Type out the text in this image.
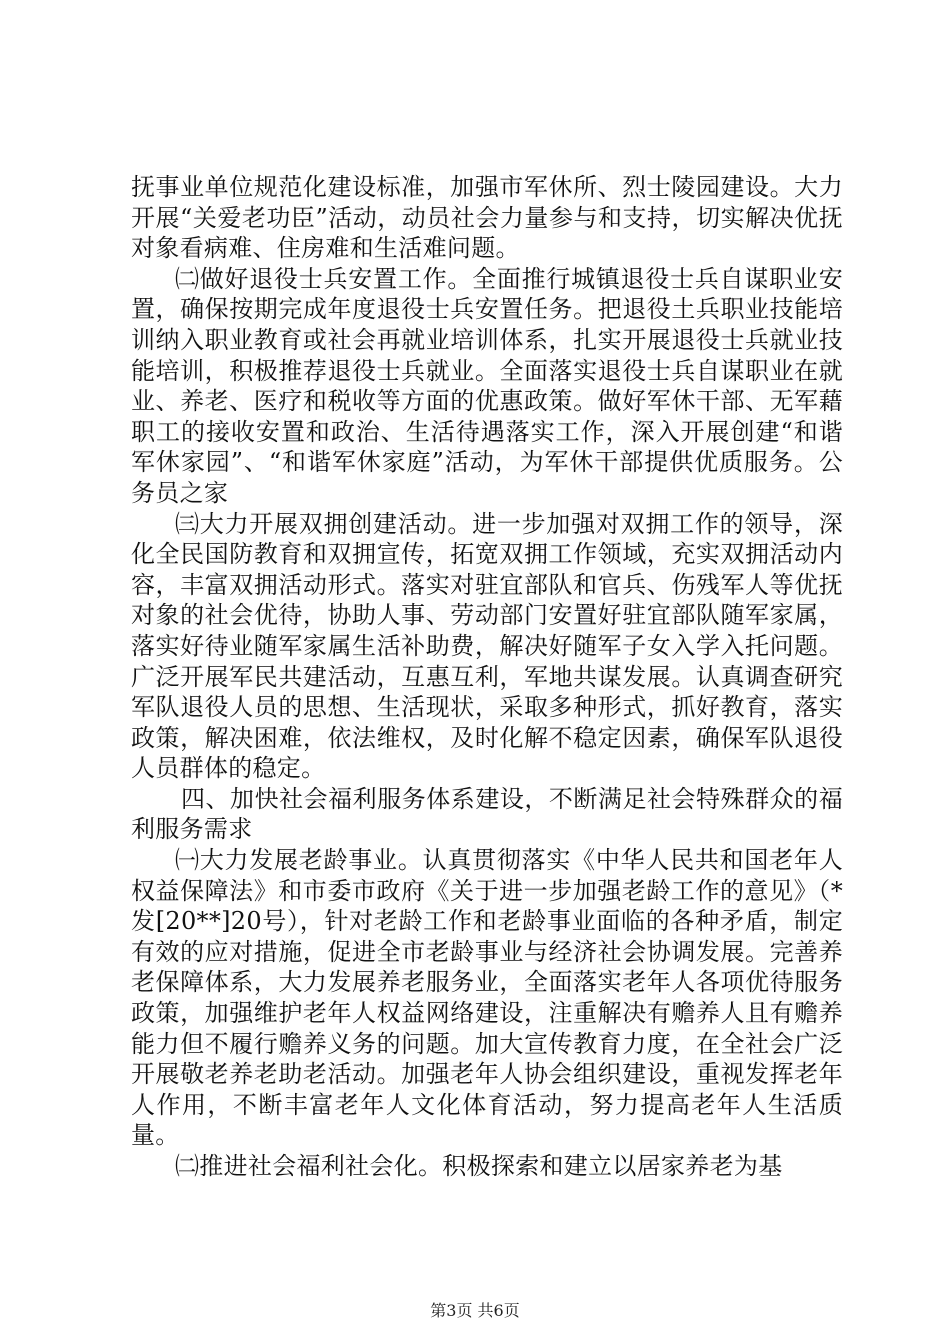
抚事业单位规范化建设标准，加强市军休所、烈士陵园建设。大力开展“关爱老功臣”活动，动员社会力量参与和支持，切实解决优抚对象看病难、住房难和生活难问题。

㈡做好退役士兵安置工作。全面推行城镇退役士兵自谋职业安置，确保按期完成年度退役士兵安置任务。把退役土兵职业技能培训纳入职业教育或社会再就业培训体系，扎实开展退役士兵就业技能培训，积极推荐退役士兵就业。全面落实退役士兵自谋职业在就业、养老、医疗和税收等方面的优惠政策。做好军休干部、无军藉职工的接收安置和政治、生活待遇落实工作，深入开展创建“和谐军休家园”、“和谐军休家庭”活动，为军休干部提供优质服务。公务员之家

㈢大力开展双拥创建活动。进一步加强对双拥工作的领导，深化全民国防教育和双拥宣传，拓宽双拥工作领域，充实双拥活动内容，丰富双拥活动形式。落实对驻宜部队和官兵、伤残军人等优抚对象的社会优待，协助人事、劳动部门安置好驻宜部队随军家属，落实好待业随军家属生活补助费，解决好随军子女入学入托问题。广泛开展军民共建活动，互惠互利，军地共谋发展。认真调查研究军队退役人员的思想、生活现状，采取多种形式，抓好教育，落实政策，解决困难，依法维权，及时化解不稳定因素，确保军队退役人员群体的稳定。

四、加快社会福利服务体系建设，不断满足社会特殊群众的福利服务需求

㈠大力发展老龄事业。认真贯彻落实《中华人民共和国老年人权益保障法》和市委市政府《关于进一步加强老龄工作的意见》（*发[20**]20号），针对老龄工作和老龄事业面临的各种矛盾，制定有效的应对措施，促进全市老龄事业与经济社会协调发展。完善养老保障体系，大力发展养老服务业，全面落实老年人各项优待服务政策，加强维护老年人权益网络建设，注重解决有赡养人且有赡养能力但不履行赡养义务的问题。加大宣传教育力度，在全社会广泛开展敬老养老助老活动。加强老年人协会组织建设，重视发挥老年人作用，不断丰富老年人文化体育活动，努力提高老年人生活质量。

㈡推进社会福利社会化。积极探索和建立以居家养老为基

第3页 共6页
